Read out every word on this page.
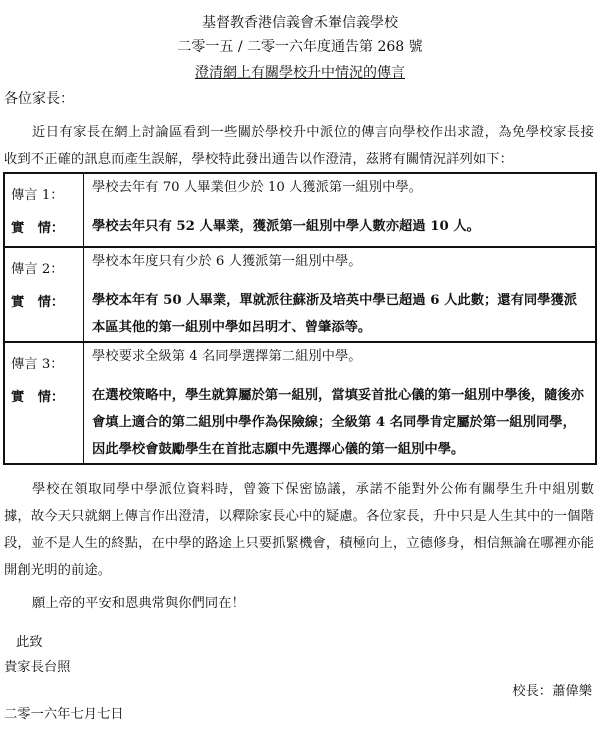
基督教香港信義會禾輋信義學校
二零一五 / 二零一六年度通告第 268 號
澄清網上有關學校升中情況的傳言
各位家長：
近日有家長在網上討論區看到一些關於學校升中派位的傳言向學校作出求證，為免學校家長接收到不正確的訊息而產生誤解，學校特此發出通告以作澄清，茲將有關情況詳列如下：
傳言 1：	學校去年有 70 人畢業但少於 10 人獲派第一組別中學。
實　情：	學校去年只有 52 人畢業，獲派第一組別中學人數亦超過 10 人。
傳言 2：	學校本年度只有少於 6 人獲派第一組別中學。
實　情：	學校本年有 50 人畢業，單就派往蘇浙及培英中學已超過 6 人此數；還有同學獲派本區其他的第一組別中學如呂明才、曾肇添等。
傳言 3：	學校要求全級第 4 名同學選擇第二組別中學。
實　情：	在選校策略中，學生就算屬於第一組別，當填妥首批心儀的第一組別中學後，隨後亦會填上適合的第二組別中學作為保險線；全級第 4 名同學肯定屬於第一組別同學，因此學校會鼓勵學生在首批志願中先選擇心儀的第一組別中學。
學校在領取同學中學派位資料時，曾簽下保密協議，承諾不能對外公佈有關學生升中組別數據，故今天只就網上傳言作出澄清，以釋除家長心中的疑慮。各位家長，升中只是人生其中的一個階段，並不是人生的終點，在中學的路途上只要抓緊機會，積極向上，立德修身，相信無論在哪裡亦能開創光明的前途。
願上帝的平安和恩典常與你們同在！
此致
貴家長台照
校長：蕭偉樂
二零一六年七月七日
